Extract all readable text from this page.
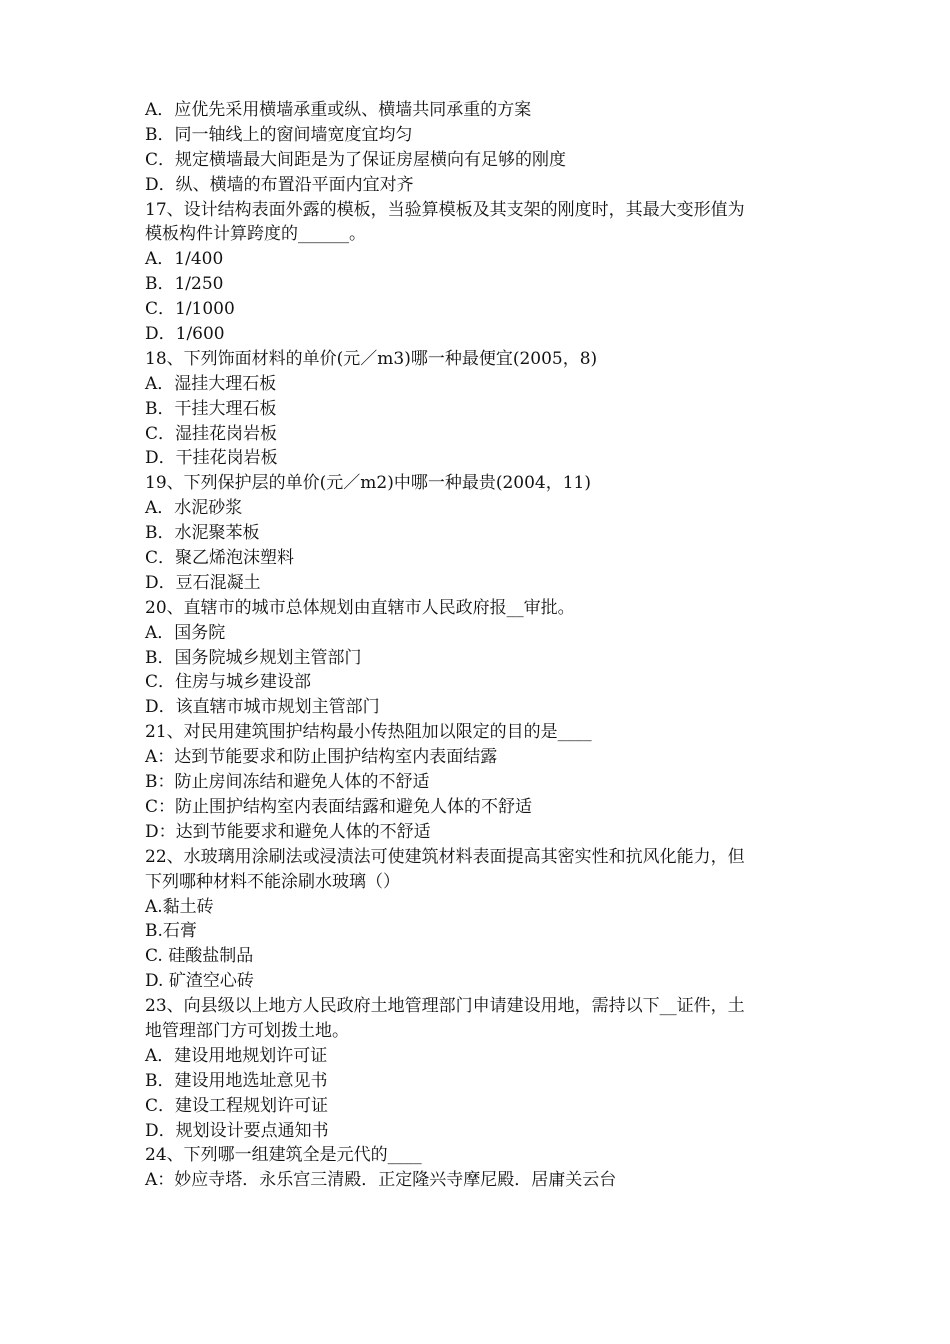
A．应优先采用横墙承重或纵、横墙共同承重的方案
B．同一轴线上的窗间墙宽度宜均匀
C．规定横墙最大间距是为了保证房屋横向有足够的刚度
D．纵、横墙的布置沿平面内宜对齐
17、设计结构表面外露的模板，当验算模板及其支架的刚度时，其最大变形值为
模板构件计算跨度的______。
A．1/400
B．1/250
C．1/1000
D．1/600
18、下列饰面材料的单价(元／m3)哪一种最便宜(2005，8)
A．湿挂大理石板
B．干挂大理石板
C．湿挂花岗岩板
D．干挂花岗岩板
19、下列保护层的单价(元／m2)中哪一种最贵(2004，11)
A．水泥砂浆
B．水泥聚苯板
C．聚乙烯泡沫塑料
D．豆石混凝土
20、直辖市的城市总体规划由直辖市人民政府报__审批。
A．国务院
B．国务院城乡规划主管部门
C．住房与城乡建设部
D．该直辖市城市规划主管部门
21、对民用建筑围护结构最小传热阻加以限定的目的是____
A：达到节能要求和防止围护结构室内表面结露
B：防止房间冻结和避免人体的不舒适
C：防止围护结构室内表面结露和避免人体的不舒适
D：达到节能要求和避免人体的不舒适
22、水玻璃用涂刷法或浸渍法可使建筑材料表面提高其密实性和抗风化能力，但
下列哪种材料不能涂刷水玻璃（）
A.黏土砖
B.石膏
C. 硅酸盐制品
D. 矿渣空心砖
23、向县级以上地方人民政府土地管理部门申请建设用地，需持以下__证件，土
地管理部门方可划拨土地。
A．建设用地规划许可证
B．建设用地选址意见书
C．建设工程规划许可证
D．规划设计要点通知书
24、下列哪一组建筑全是元代的____
A：妙应寺塔．永乐宫三清殿．正定隆兴寺摩尼殿．居庸关云台
